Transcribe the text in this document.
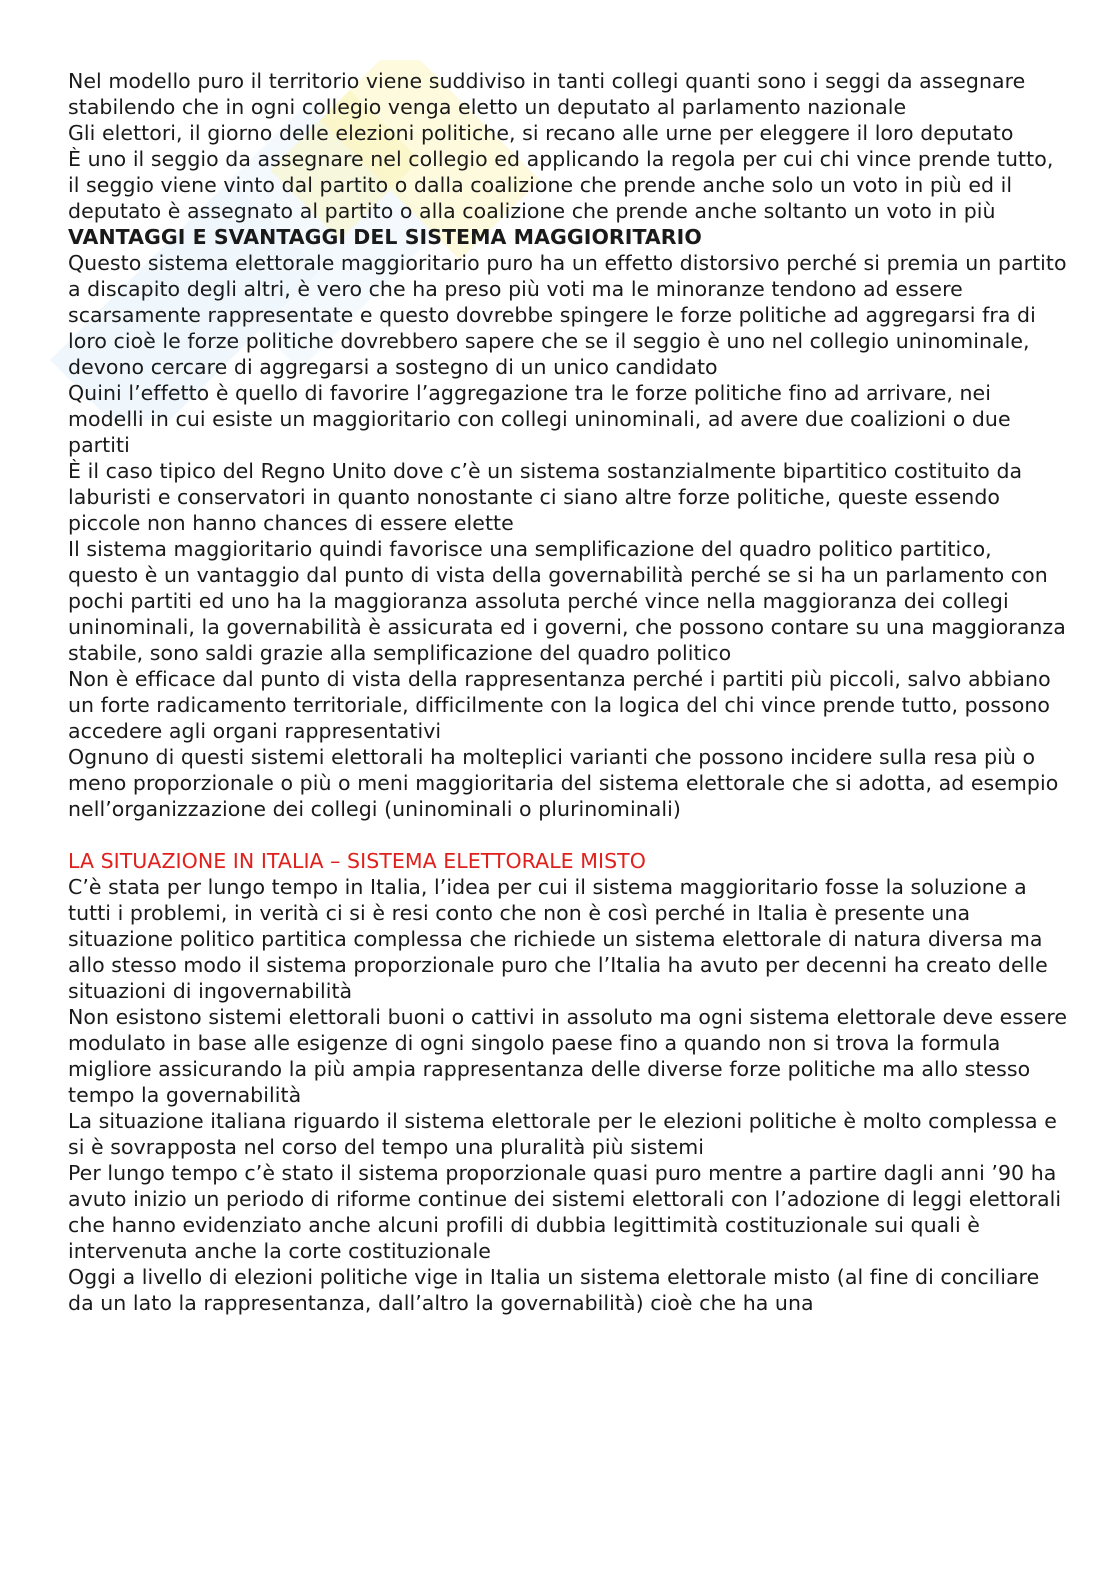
Nel modello puro il territorio viene suddiviso in tanti collegi quanti sono i seggi da assegnare stabilendo che in ogni collegio venga eletto un deputato al parlamento nazionale

Gli elettori, il giorno delle elezioni politiche, si recano alle urne per eleggere il loro deputato

È uno il seggio da assegnare nel collegio ed applicando la regola per cui chi vince prende tutto, il seggio viene vinto dal partito o dalla coalizione che prende anche solo un voto in più ed il deputato è assegnato al partito o alla coalizione che prende anche soltanto un voto in più

VANTAGGI E SVANTAGGI DEL SISTEMA MAGGIORITARIO

Questo sistema elettorale maggioritario puro ha un effetto distorsivo perché si premia un partito a discapito degli altri, è vero che ha preso più voti ma le minoranze tendono ad essere scarsamente rappresentate e questo dovrebbe spingere le forze politiche ad aggregarsi fra di loro cioè le forze politiche dovrebbero sapere che se il seggio è uno nel collegio uninominale, devono cercare di aggregarsi a sostegno di un unico candidato

Quini l’effetto è quello di favorire l’aggregazione tra le forze politiche fino ad arrivare, nei modelli in cui esiste un maggioritario con collegi uninominali, ad avere due coalizioni o due partiti

È il caso tipico del Regno Unito dove c’è un sistema sostanzialmente bipartitico costituito da laburisti e conservatori in quanto nonostante ci siano altre forze politiche, queste essendo piccole non hanno chances di essere elette

Il sistema maggioritario quindi favorisce una semplificazione del quadro politico partitico, questo è un vantaggio dal punto di vista della governabilità perché se si ha un parlamento con pochi partiti ed uno ha la maggioranza assoluta perché vince nella maggioranza dei collegi uninominali, la governabilità è assicurata ed i governi, che possono contare su una maggioranza stabile, sono saldi grazie alla semplificazione del quadro politico

Non è efficace dal punto di vista della rappresentanza perché i partiti più piccoli, salvo abbiano un forte radicamento territoriale, difficilmente con la logica del chi vince prende tutto, possono accedere agli organi rappresentativi

Ognuno di questi sistemi elettorali ha molteplici varianti che possono incidere sulla resa più o meno proporzionale o più o meni maggioritaria del sistema elettorale che si adotta, ad esempio nell’organizzazione dei collegi (uninominali o plurinominali)

LA SITUAZIONE IN ITALIA – SISTEMA ELETTORALE MISTO

C’è stata per lungo tempo in Italia, l’idea per cui il sistema maggioritario fosse la soluzione a tutti i problemi, in verità ci si è resi conto che non è così perché in Italia è presente una situazione politico partitica complessa che richiede un sistema elettorale di natura diversa ma allo stesso modo il sistema proporzionale puro che l’Italia ha avuto per decenni ha creato delle situazioni di ingovernabilità

Non esistono sistemi elettorali buoni o cattivi in assoluto ma ogni sistema elettorale deve essere modulato in base alle esigenze di ogni singolo paese fino a quando non si trova la formula migliore assicurando la più ampia rappresentanza delle diverse forze politiche ma allo stesso tempo la governabilità

La situazione italiana riguardo il sistema elettorale per le elezioni politiche è molto complessa e si è sovrapposta nel corso del tempo una pluralità più sistemi

Per lungo tempo c’è stato il sistema proporzionale quasi puro mentre a partire dagli anni ’90 ha avuto inizio un periodo di riforme continue dei sistemi elettorali con l’adozione di leggi elettorali che hanno evidenziato anche alcuni profili di dubbia legittimità costituzionale sui quali è intervenuta anche la corte costituzionale

Oggi a livello di elezioni politiche vige in Italia un sistema elettorale misto (al fine di conciliare da un lato la rappresentanza, dall’altro la governabilità) cioè che ha una
